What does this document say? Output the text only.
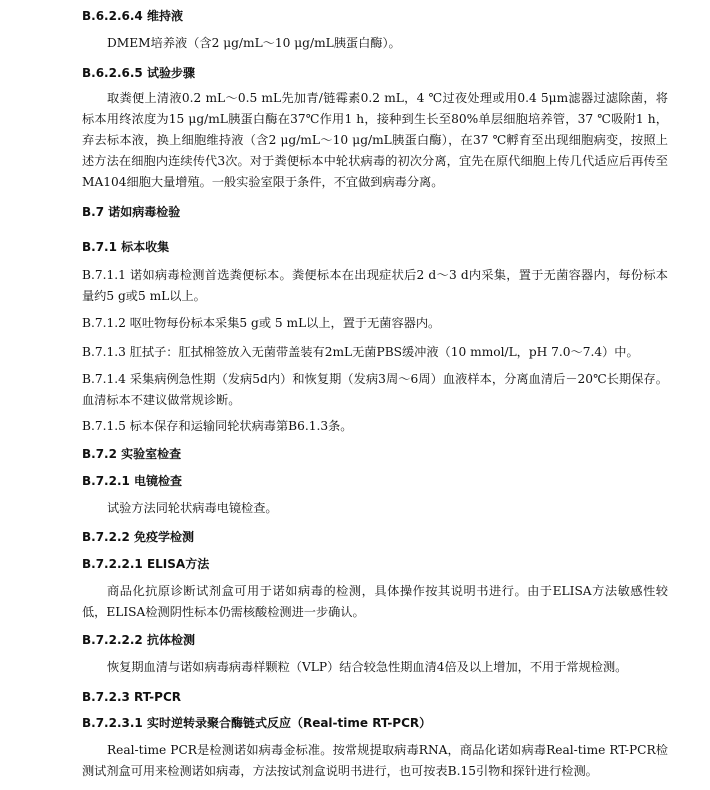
B.6.2.6.4 维持液
DMEM培养液（含2 μg/mL～10 μg/mL胰蛋白酶）。
B.6.2.6.5 试验步骤
取粪便上清液0.2 mL～0.5 mL先加青/链霉素0.2 mL，4 ℃过夜处理或用0.4 5μm滤器过滤除菌，将标本用终浓度为15 μg/mL胰蛋白酶在37℃作用1 h，接种到生长至80%单层细胞培养管，37 ℃吸附1 h，弃去标本液，换上细胞维持液（含2 μg/mL～10 μg/mL胰蛋白酶），在37 ℃孵育至出现细胞病变，按照上述方法在细胞内连续传代3次。对于粪便标本中轮状病毒的初次分离，宜先在原代细胞上传几代适应后再传至MA104细胞大量增殖。一般实验室限于条件，不宜做到病毒分离。
B.7 诺如病毒检验
B.7.1 标本收集
B.7.1.1 诺如病毒检测首选粪便标本。粪便标本在出现症状后2 d～3 d内采集，置于无菌容器内，每份标本量约5 g或5 mL以上。
B.7.1.2 呕吐物每份标本采集5 g或 5 mL以上，置于无菌容器内。
B.7.1.3 肛拭子：肛拭棉签放入无菌带盖装有2mL无菌PBS缓冲液（10 mmol/L，pH 7.0～7.4）中。
B.7.1.4 采集病例急性期（发病5d内）和恢复期（发病3周～6周）血液样本，分离血清后－20℃长期保存。血清标本不建议做常规诊断。
B.7.1.5 标本保存和运输同轮状病毒第B6.1.3条。
B.7.2 实验室检查
B.7.2.1 电镜检查
试验方法同轮状病毒电镜检查。
B.7.2.2 免疫学检测
B.7.2.2.1 ELISA方法
商品化抗原诊断试剂盒可用于诺如病毒的检测，具体操作按其说明书进行。由于ELISA方法敏感性较低，ELISA检测阴性标本仍需核酸检测进一步确认。
B.7.2.2.2 抗体检测
恢复期血清与诺如病毒病毒样颗粒（VLP）结合较急性期血清4倍及以上增加，不用于常规检测。
B.7.2.3 RT-PCR
B.7.2.3.1 实时逆转录聚合酶链式反应（Real-time RT-PCR）
Real-time PCR是检测诺如病毒金标准。按常规提取病毒RNA，商品化诺如病毒Real-time RT-PCR检测试剂盒可用来检测诺如病毒，方法按试剂盒说明书进行，也可按表B.15引物和探针进行检测。
